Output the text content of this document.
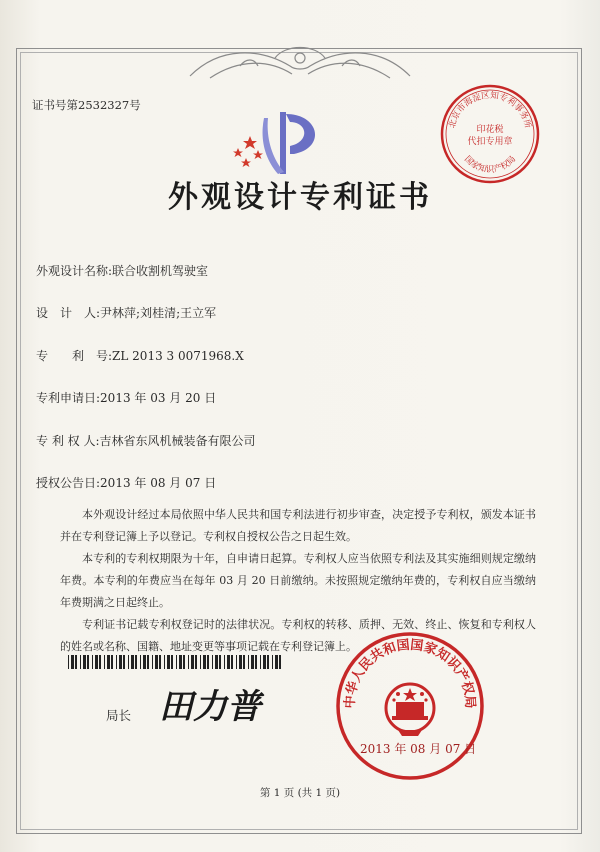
证书号第2532327号
外观设计专利证书
北京市海淀区知专利事务所
印花税
代扣专用章
国家知识产权局
外观设计名称:联合收割机驾驶室
设　计　人:尹林萍;刘桂清;王立军
专　　利　号:ZL 2013 3 0071968.X
专利申请日:2013 年 03 月 20 日
专 利 权 人:吉林省东风机械装备有限公司
授权公告日:2013 年 08 月 07 日

本外观设计经过本局依照中华人民共和国专利法进行初步审查，决定授予专利权，颁发本证书并在专利登记簿上予以登记。专利权自授权公告之日起生效。

本专利的专利权期限为十年，自申请日起算。专利权人应当依照专利法及其实施细则规定缴纳年费。本专利的年费应当在每年 03 月 20 日前缴纳。未按照规定缴纳年费的，专利权自应当缴纳年费期满之日起终止。

专利证书记载专利权登记时的法律状况。专利权的转移、质押、无效、终止、恢复和专利权人的姓名或名称、国籍、地址变更等事项记载在专利登记簿上。

局长 田力普	中华人民共和国国家知识产权局
2013 年 08 月 07 日
第 1 页 (共 1 页)
